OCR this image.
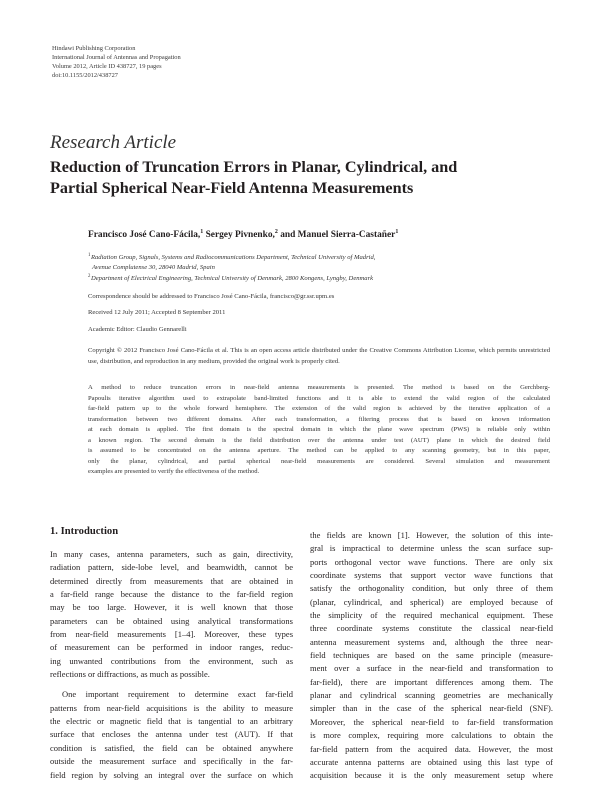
Hindawi Publishing Corporation
International Journal of Antennas and Propagation
Volume 2012, Article ID 438727, 19 pages
doi:10.1155/2012/438727
Research Article
Reduction of Truncation Errors in Planar, Cylindrical, and
Partial Spherical Near-Field Antenna Measurements
Francisco José Cano-Fácila,$^1$ Sergey Pivnenko,$^2$ and Manuel Sierra-Castañer$^1$
$^1$ Radiation Group, Signals, Systems and Radiocommunications Department, Technical University of Madrid,
Avenue Complutense 30, 28040 Madrid, Spain
$^2$ Department of Electrical Engineering, Technical University of Denmark, 2800 Kongens, Lyngby, Denmark
Correspondence should be addressed to Francisco José Cano-Fácila, francisco@gr.ssr.upm.es
Received 12 July 2011; Accepted 8 September 2011
Academic Editor: Claudio Gennarelli
Copyright © 2012 Francisco José Cano-Fácila et al. This is an open access article distributed under the Creative Commons Attribution License, which permits unrestricted use, distribution, and reproduction in any medium, provided the original work is properly cited.
A method to reduce truncation errors in near-field antenna measurements is presented. The method is based on the Gerchberg-
Papoulis iterative algorithm used to extrapolate band-limited functions and it is able to extend the valid region of the calculated
far-field pattern up to the whole forward hemisphere. The extension of the valid region is achieved by the iterative application of a
transformation between two different domains. After each transformation, a filtering process that is based on known information
at each domain is applied. The first domain is the spectral domain in which the plane wave spectrum (PWS) is reliable only within
a known region. The second domain is the field distribution over the antenna under test (AUT) plane in which the desired field
is assumed to be concentrated on the antenna aperture. The method can be applied to any scanning geometry, but in this paper,
only the planar, cylindrical, and partial spherical near-field measurements are considered. Several simulation and measurement
examples are presented to verify the effectiveness of the method.
1. Introduction
In many cases, antenna parameters, such as gain, directivity,
radiation pattern, side-lobe level, and beamwidth, cannot be
determined directly from measurements that are obtained in
a far-field range because the distance to the far-field region
may be too large. However, it is well known that those
parameters can be obtained using analytical transformations
from near-field measurements [1–4]. Moreover, these types
of measurement can be performed in indoor ranges, reduc-
ing unwanted contributions from the environment, such as
reflections or diffractions, as much as possible.
One important requirement to determine exact far-field
patterns from near-field acquisitions is the ability to measure
the electric or magnetic field that is tangential to an arbitrary
surface that encloses the antenna under test (AUT). If that
condition is satisfied, the field can be obtained anywhere
outside the measurement surface and specifically in the far-
field region by solving an integral over the surface on which
the fields are known [1]. However, the solution of this inte-
gral is impractical to determine unless the scan surface sup-
ports orthogonal vector wave functions. There are only six
coordinate systems that support vector wave functions that
satisfy the orthogonality condition, but only three of them
(planar, cylindrical, and spherical) are employed because of
the simplicity of the required mechanical equipment. These
three coordinate systems constitute the classical near-field
antenna measurement systems and, although the three near-
field techniques are based on the same principle (measure-
ment over a surface in the near-field and transformation to
far-field), there are important differences among them. The
planar and cylindrical scanning geometries are mechanically
simpler than in the case of the spherical near-field (SNF).
Moreover, the spherical near-field to far-field transformation
is more complex, requiring more calculations to obtain the
far-field pattern from the acquired data. However, the most
accurate antenna patterns are obtained using this last type of
acquisition because it is the only measurement setup where
